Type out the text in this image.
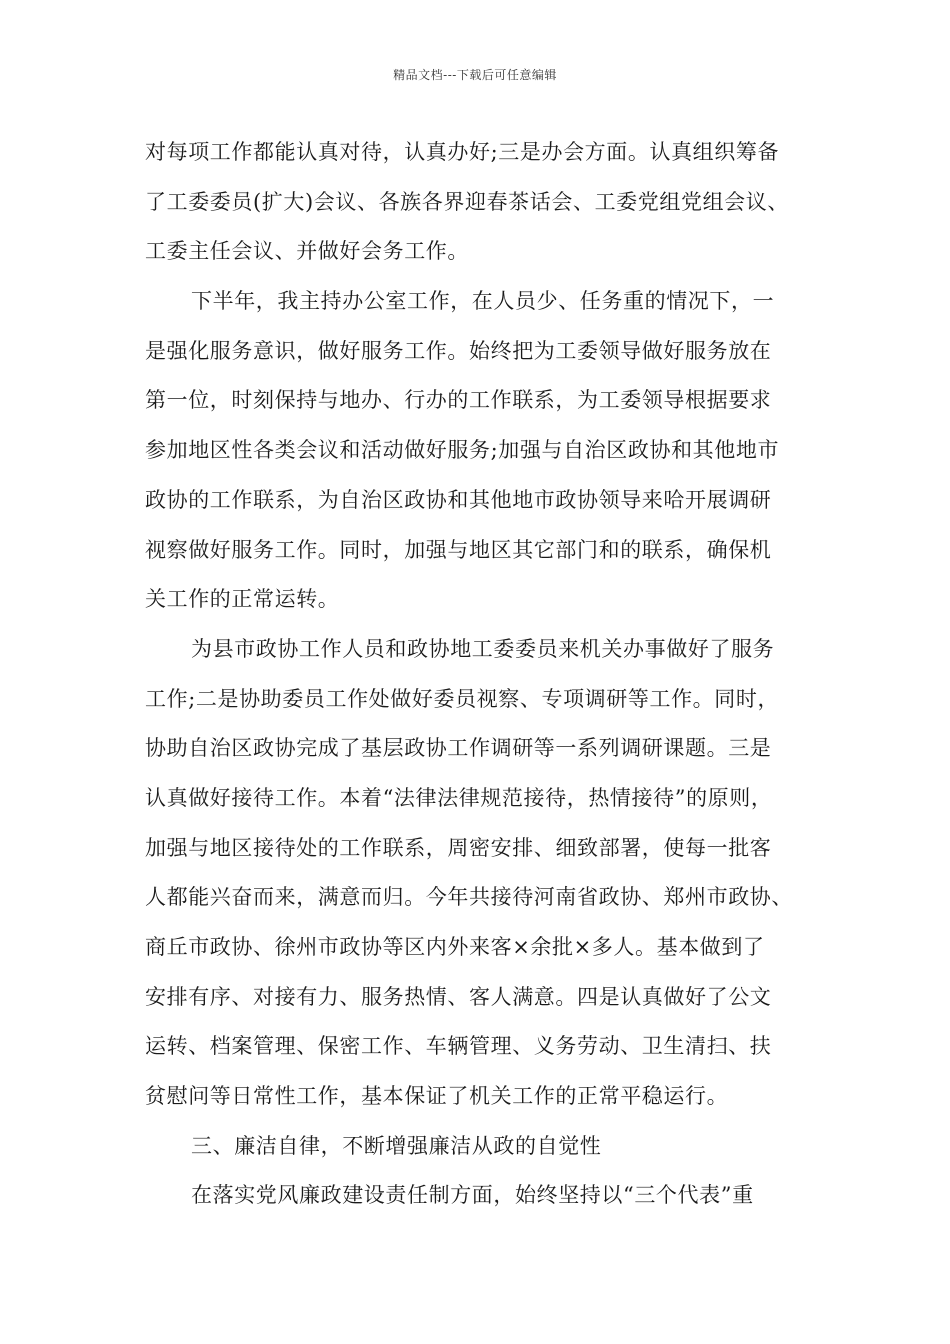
精品文档---下载后可任意编辑
对每项工作都能认真对待，认真办好;三是办会方面。认真组织筹备
了工委委员(扩大)会议、各族各界迎春茶话会、工委党组党组会议、
工委主任会议、并做好会务工作。
下半年，我主持办公室工作，在人员少、任务重的情况下，一
是强化服务意识，做好服务工作。始终把为工委领导做好服务放在
第一位，时刻保持与地办、行办的工作联系，为工委领导根据要求
参加地区性各类会议和活动做好服务;加强与自治区政协和其他地市
政协的工作联系，为自治区政协和其他地市政协领导来哈开展调研
视察做好服务工作。同时，加强与地区其它部门和的联系，确保机
关工作的正常运转。
为县市政协工作人员和政协地工委委员来机关办事做好了服务
工作;二是协助委员工作处做好委员视察、专项调研等工作。同时，
协助自治区政协完成了基层政协工作调研等一系列调研课题。三是
认真做好接待工作。本着“法律法律规范接待，热情接待”的原则，
加强与地区接待处的工作联系，周密安排、细致部署，使每一批客
人都能兴奋而来，满意而归。今年共接待河南省政协、郑州市政协、
商丘市政协、徐州市政协等区内外来客×余批×多人。基本做到了
安排有序、对接有力、服务热情、客人满意。四是认真做好了公文
运转、档案管理、保密工作、车辆管理、义务劳动、卫生清扫、扶
贫慰问等日常性工作，基本保证了机关工作的正常平稳运行。
三、廉洁自律，不断增强廉洁从政的自觉性
在落实党风廉政建设责任制方面，始终坚持以“三个代表”重
